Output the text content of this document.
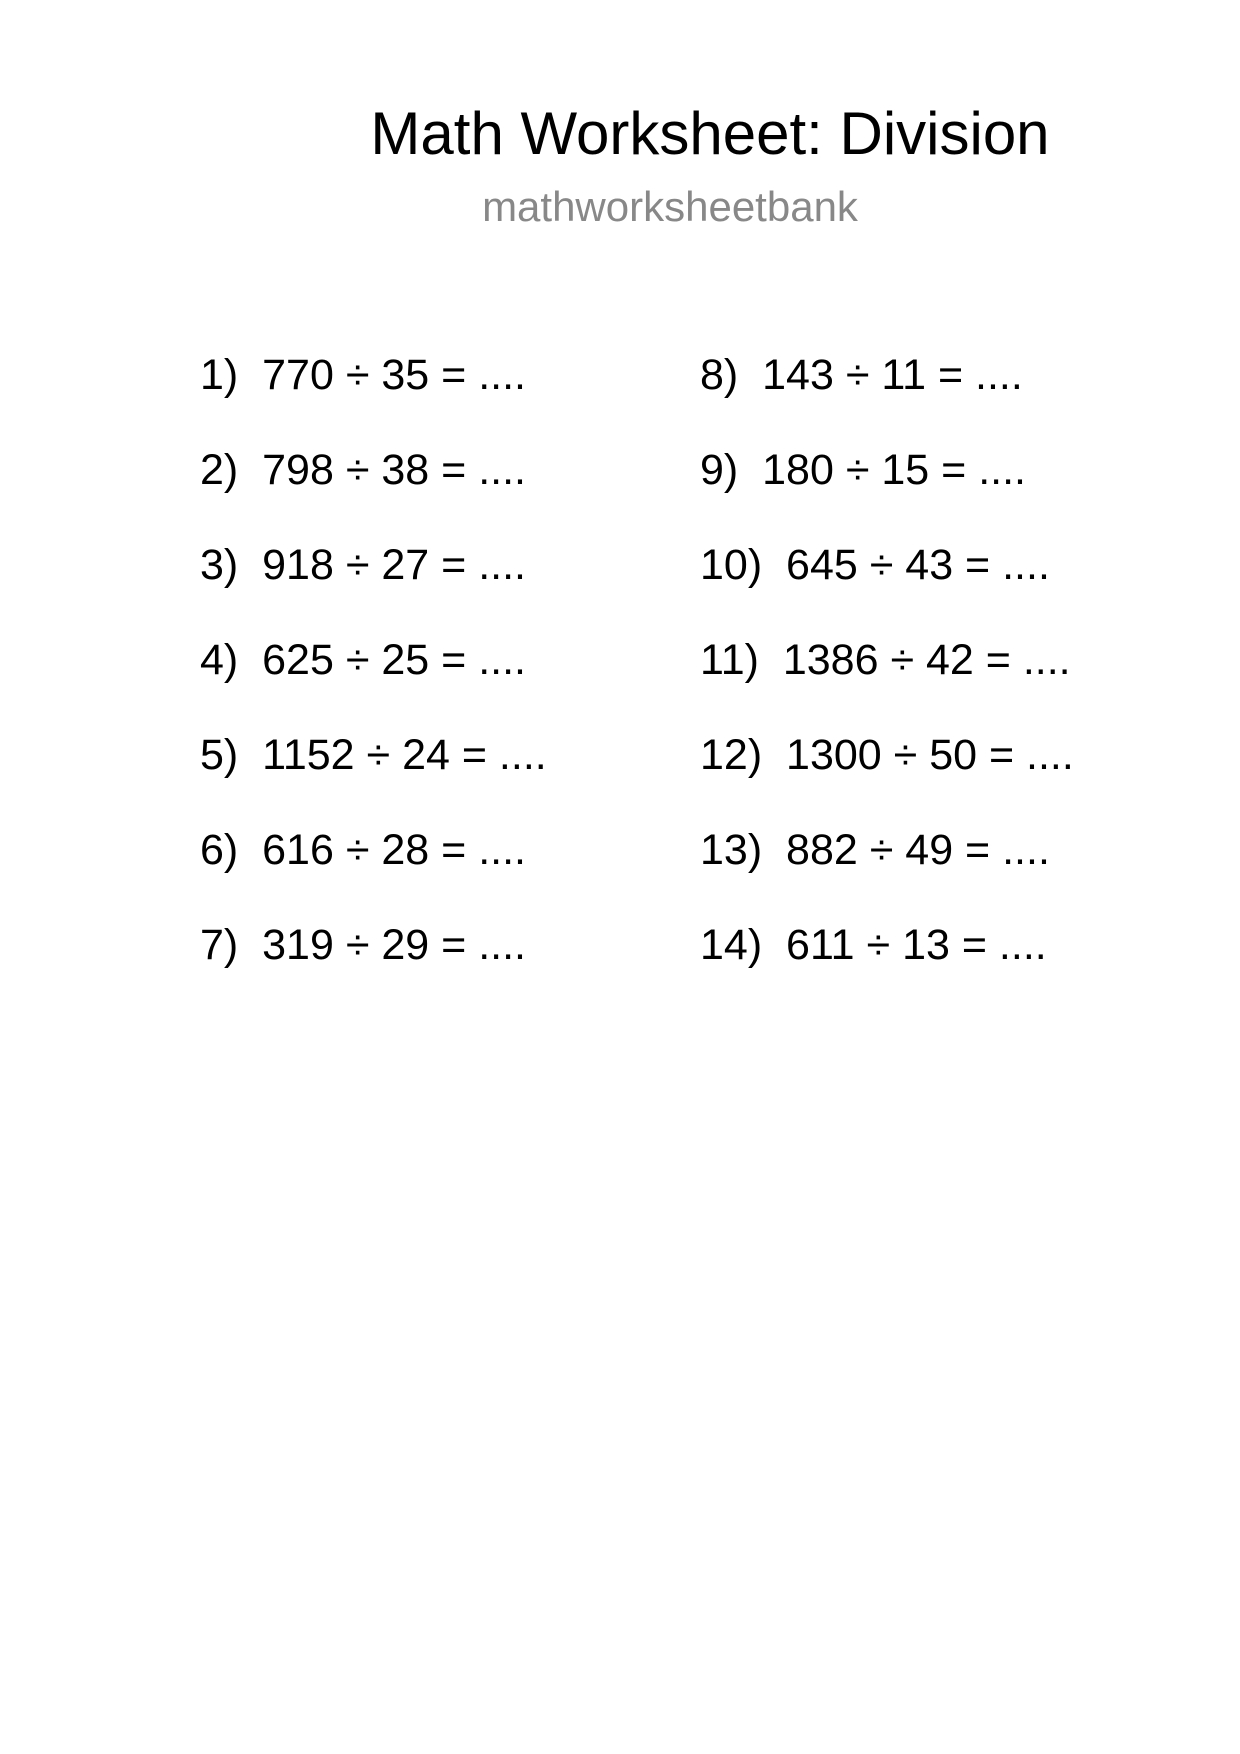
Math Worksheet: Division
mathworksheetbank
1)  770 ÷ 35 = ....
2)  798 ÷ 38 = ....
3)  918 ÷ 27 = ....
4)  625 ÷ 25 = ....
5)  1152 ÷ 24 = ....
6)  616 ÷ 28 = ....
7)  319 ÷ 29 = ....
8)  143 ÷ 11 = ....
9)  180 ÷ 15 = ....
10)  645 ÷ 43 = ....
11)  1386 ÷ 42 = ....
12)  1300 ÷ 50 = ....
13)  882 ÷ 49 = ....
14)  611 ÷ 13 = ....
